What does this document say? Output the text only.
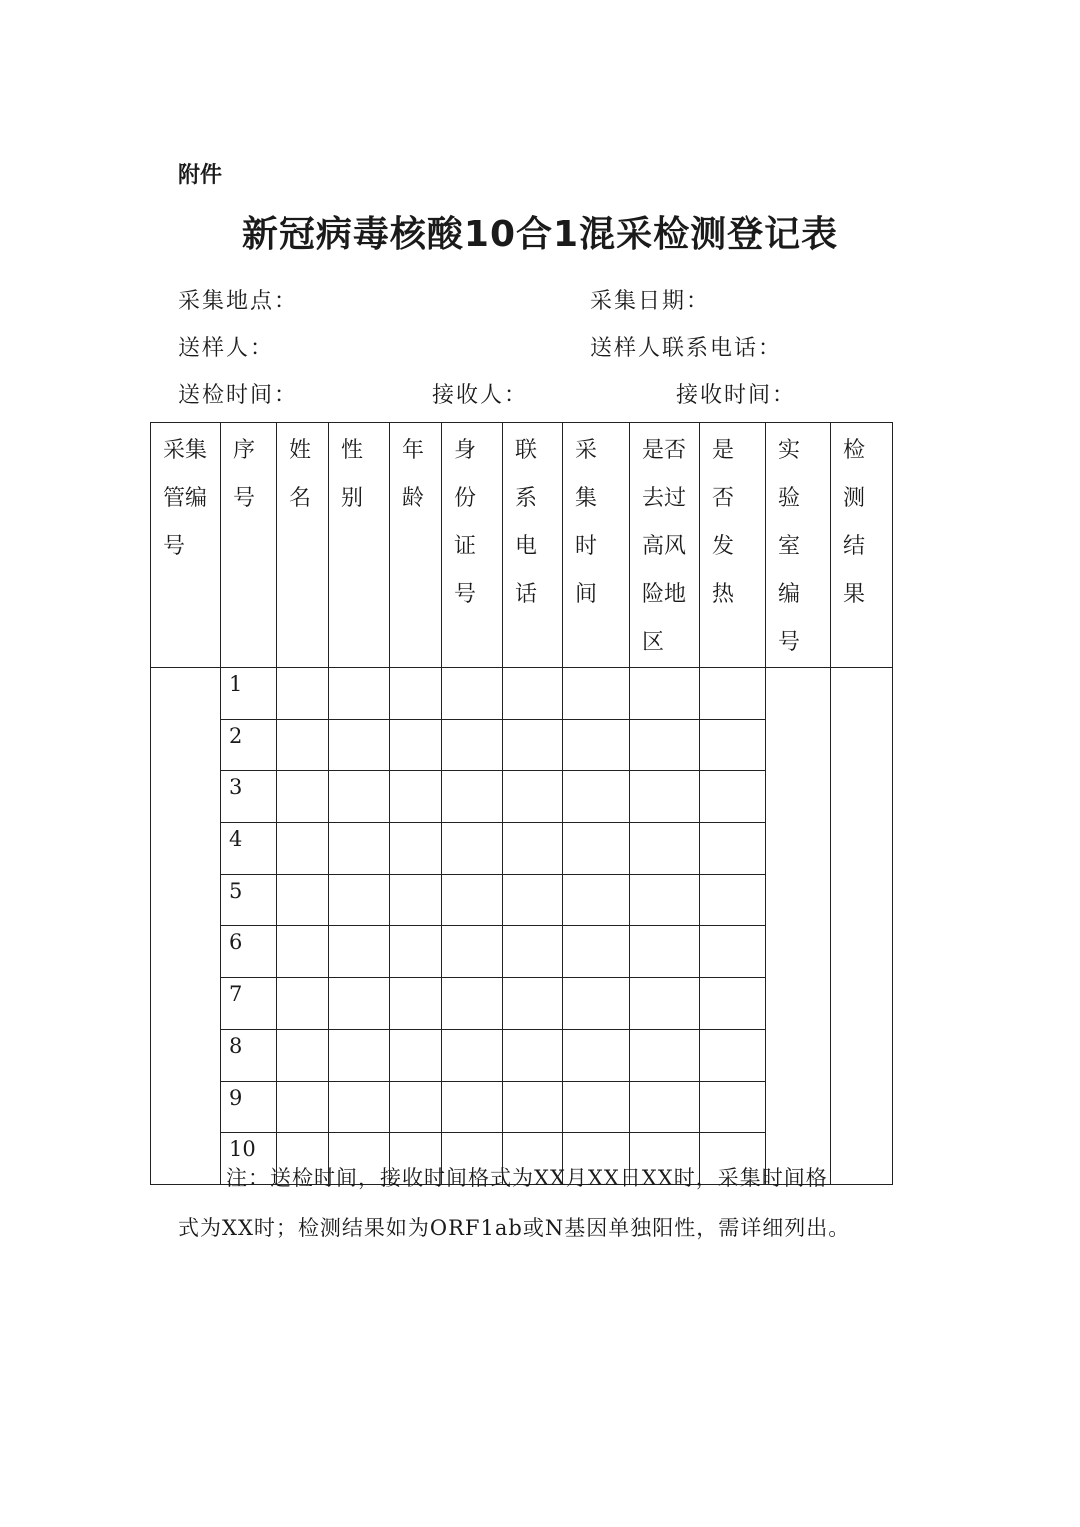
附件
新冠病毒核酸10合1混采检测登记表
采集地点：	采集日期：
送样人：	送样人联系电话：
送检时间：	接收人：	接收时间：
采集管编号	序号	姓名	性别	年龄	身份证号	联系电话	采集时间	是否去过高风险地区	是否发热	实验室编号	检测结果

	1										
	2										
	3										
	4										
	5										
	6										
	7										
	8										
	9										
	10										
注：送检时间，接收时间格式为XX月XX日XX时，采集时间格
式为XX时；检测结果如为ORF1ab或N基因单独阳性，需详细列出。
